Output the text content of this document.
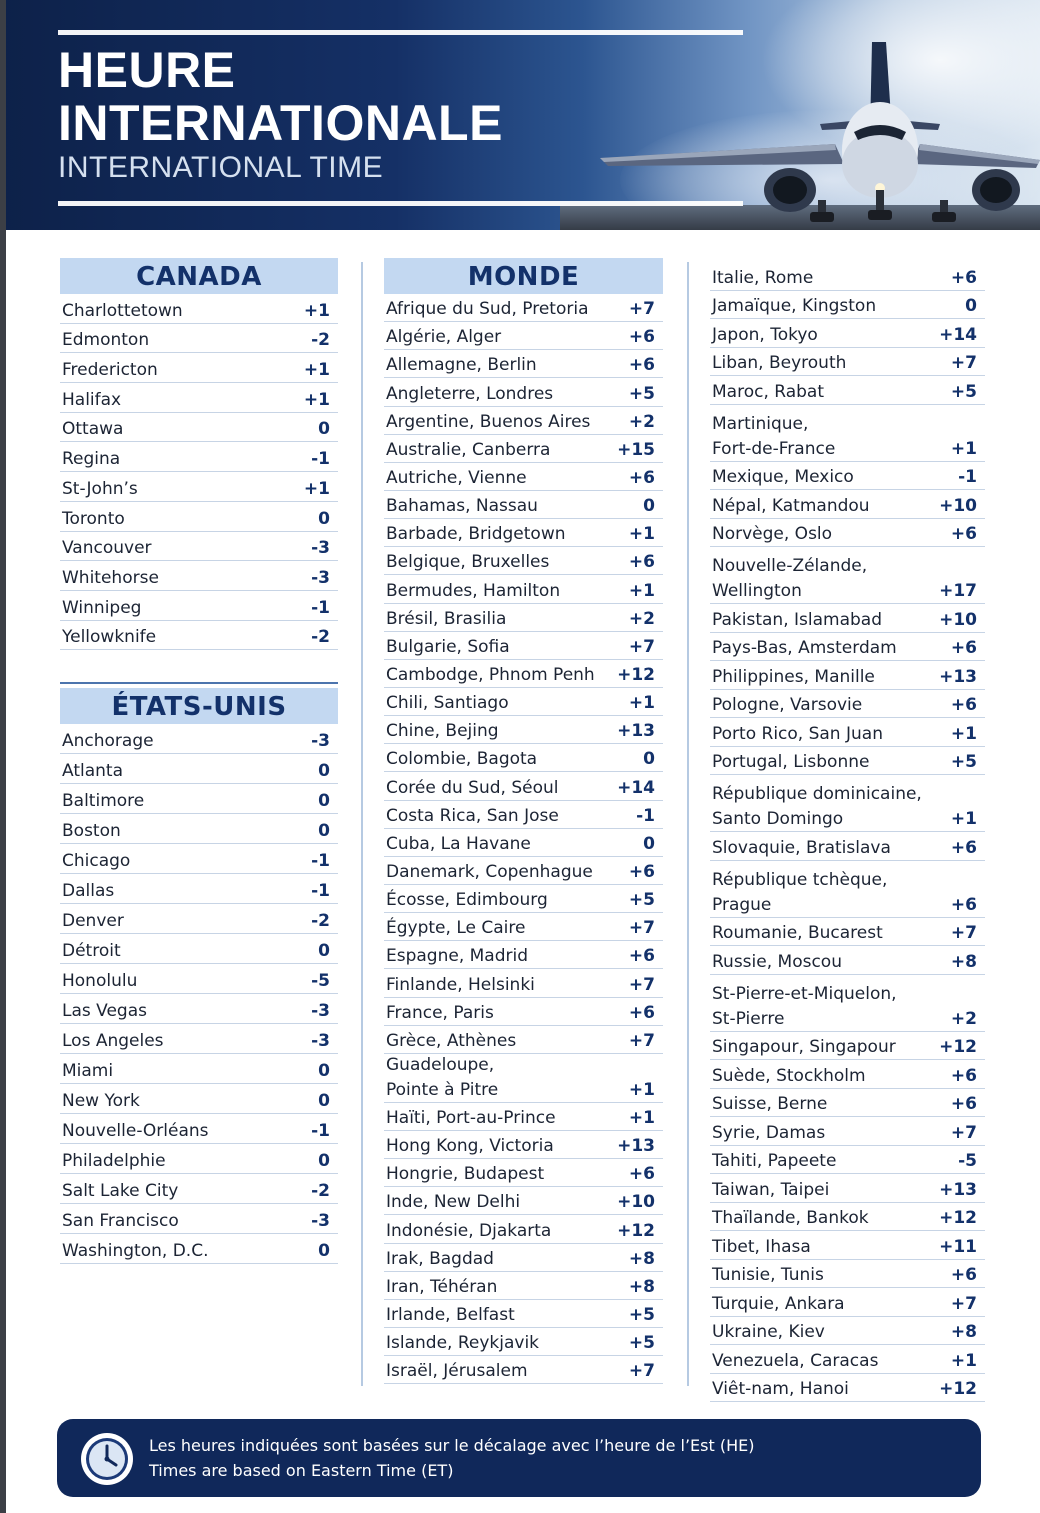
HEURE
INTERNATIONALE
INTERNATIONAL TIME
CANADA
Charlottetown	+1
Edmonton	-2
Fredericton	+1
Halifax	+1
Ottawa	0
Regina	-1
St-John’s	+1
Toronto	0
Vancouver	-3
Whitehorse	-3
Winnipeg	-1
Yellowknife	-2
ÉTATS-UNIS
Anchorage	-3
Atlanta	0
Baltimore	0
Boston	0
Chicago	-1
Dallas	-1
Denver	-2
Détroit	0
Honolulu	-5
Las Vegas	-3
Los Angeles	-3
Miami	0
New York	0
Nouvelle-Orléans	-1
Philadelphie	0
Salt Lake City	-2
San Francisco	-3
Washington, D.C.	0
MONDE
Afrique du Sud, Pretoria +7
Algérie, Alger	+6
Allemagne, Berlin	+6
Angleterre, Londres	+5
Argentine, Buenos Aires +2
Australie, Canberra	+15
Autriche, Vienne	+6
Bahamas, Nassau	0
Barbade, Bridgetown	+1
Belgique, Bruxelles	+6
Bermudes, Hamilton	+1
Brésil, Brasilia	+2
Bulgarie, Sofia	+7
Cambodge, Phnom Penh +12
Chili, Santiago	+1
Chine, Bejing	+13
Colombie, Bagota	0
Corée du Sud, Séoul	+14
Costa Rica, San Jose	-1
Cuba, La Havane	0
Danemark, Copenhague +6
Écosse, Edimbourg	+5
Égypte, Le Caire	+7
Espagne, Madrid	+6
Finlande, Helsinki	+7
France, Paris	+6
Grèce, Athènes	+7
Guadeloupe,
Pointe à Pitre	+1
Haïti, Port-au-Prince	+1
Hong Kong, Victoria	+13
Hongrie, Budapest	+6
Inde, New Delhi	+10
Indonésie, Djakarta	+12
Irak, Bagdad	+8
Iran, Téhéran	+8
Irlande, Belfast	+5
Islande, Reykjavik	+5
Israël, Jérusalem	+7
Italie, Rome	+6
Jamaïque, Kingston	0
Japon, Tokyo	+14
Liban, Beyrouth	+7
Maroc, Rabat	+5
Martinique,
Fort-de-France	+1
Mexique, Mexico	-1
Népal, Katmandou	+10
Norvège, Oslo	+6
Nouvelle-Zélande,
Wellington	+17
Pakistan, Islamabad	+10
Pays-Bas, Amsterdam	+6
Philippines, Manille	+13
Pologne, Varsovie	+6
Porto Rico, San Juan	+1
Portugal, Lisbonne	+5
République dominicaine,
Santo Domingo	+1
Slovaquie, Bratislava	+6
République tchèque,
Prague	+6
Roumanie, Bucarest	+7
Russie, Moscou	+8
St-Pierre-et-Miquelon,
St-Pierre	+2
Singapour, Singapour	+12
Suède, Stockholm	+6
Suisse, Berne	+6
Syrie, Damas	+7
Tahiti, Papeete	-5
Taiwan, Taipei	+13
Thaïlande, Bankok	+12
Tibet, Ihasa	+11
Tunisie, Tunis	+6
Turquie, Ankara	+7
Ukraine, Kiev	+8
Venezuela, Caracas	+1
Viêt-nam, Hanoi	+12
Les heures indiquées sont basées sur le décalage avec l’heure de l’Est (HE)
Times are based on Eastern Time (ET)
